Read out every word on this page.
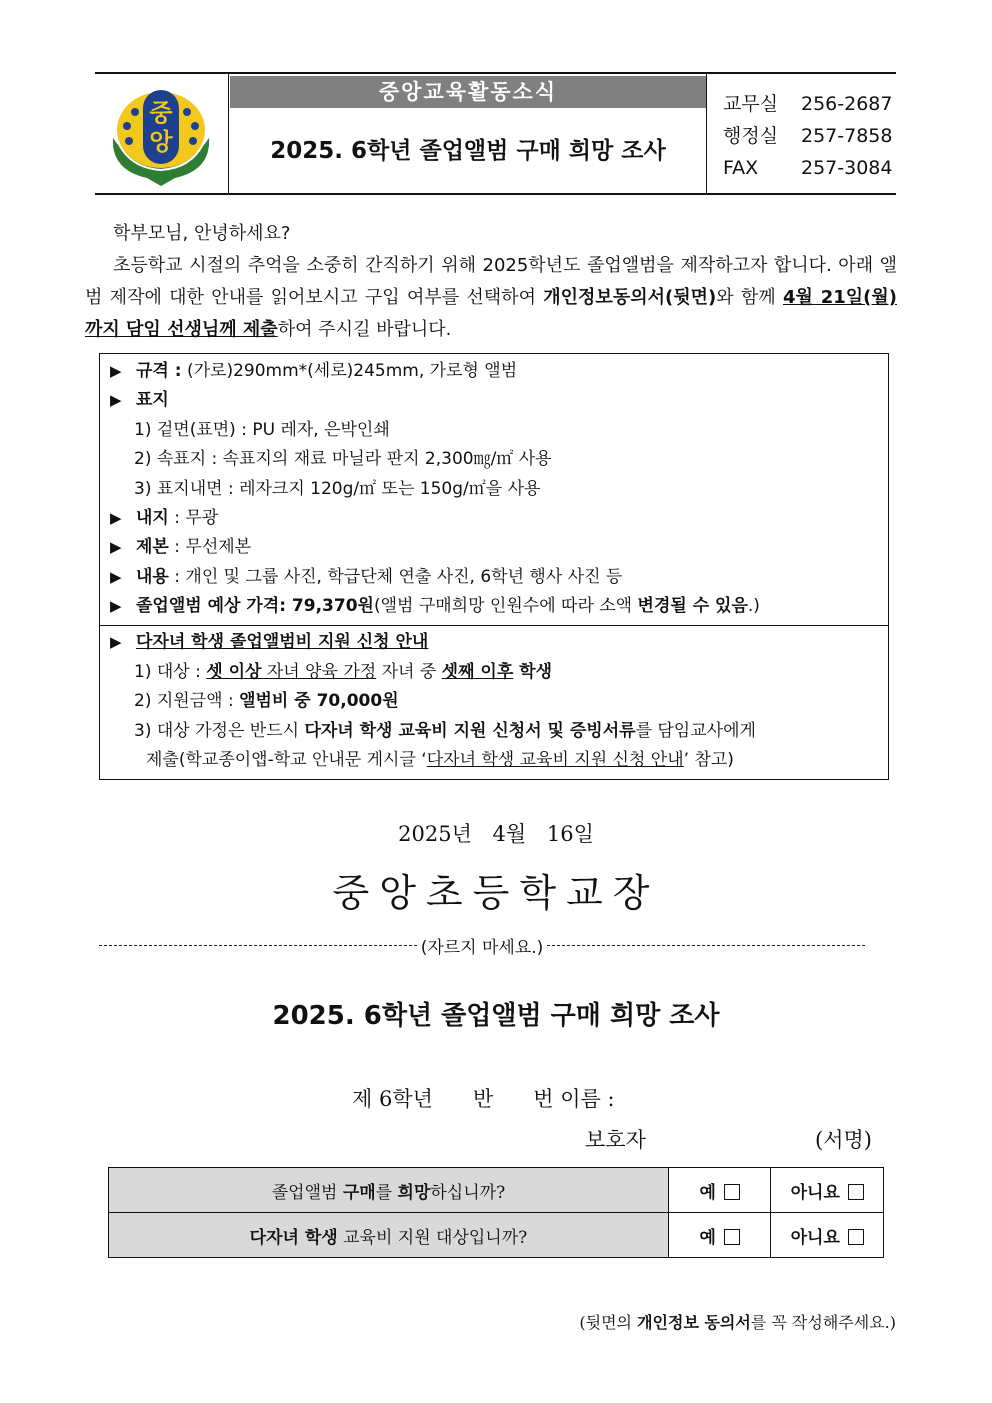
중
앙
중앙교육활동소식
2025. 6학년 졸업앨범 구매 희망 조사
교무실	256-2687
행정실	257-7858
FAX	257-3084

학부모님, 안녕하세요?

초등학교 시절의 추억을 소중히 간직하기 위해 2025학년도 졸업앨범을 제작하고자 합니다. 아래 앨범 제작에 대한 안내를 읽어보시고 구입 여부를 선택하여 개인정보동의서(뒷면)와 함께 4월 21일(월)까지 담임 선생님께 제출하여 주시길 바랍니다.

▶ 규격 : (가로)290mm*(세로)245mm, 가로형 앨범
▶ 표지
1) 겉면(표면) : PU 레자, 은박인쇄
2) 속표지 : 속표지의 재료 마닐라 판지 2,300㎎/㎡ 사용
3) 표지내면 : 레자크지 120g/㎡ 또는 150g/㎡을 사용
▶ 내지 : 무광
▶ 제본 : 무선제본
▶ 내용 : 개인 및 그룹 사진, 학급단체 연출 사진, 6학년 행사 사진 등
▶ 졸업앨범 예상 가격: 79,370원(앨범 구매희망 인원수에 따라 소액 변경될 수 있음.)
▶ 다자녀 학생 졸업앨범비 지원 신청 안내
1) 대상 : 셋 이상 자녀 양육 가정 자녀 중 셋째 이후 학생
2) 지원금액 : 앨범비 중 70,000원
3) 대상 가정은 반드시 다자녀 학생 교육비 지원 신청서 및 증빙서류를 담임교사에게
제출(학교종이앱-학교 안내문 게시글 ‘다자녀 학생 교육비 지원 신청 안내’ 참고)
2025년 4월 16일
중앙초등학교장
(자르지 마세요.)
2025. 6학년 졸업앨범 구매 희망 조사
제 6학년      반      번 이름 :
보호자	(서명)
졸업앨범 구매를 희망하십니까?	예	아니요
다자녀 학생 교육비 지원 대상입니까?	예	아니요
(뒷면의 개인정보 동의서를 꼭 작성해주세요.)
